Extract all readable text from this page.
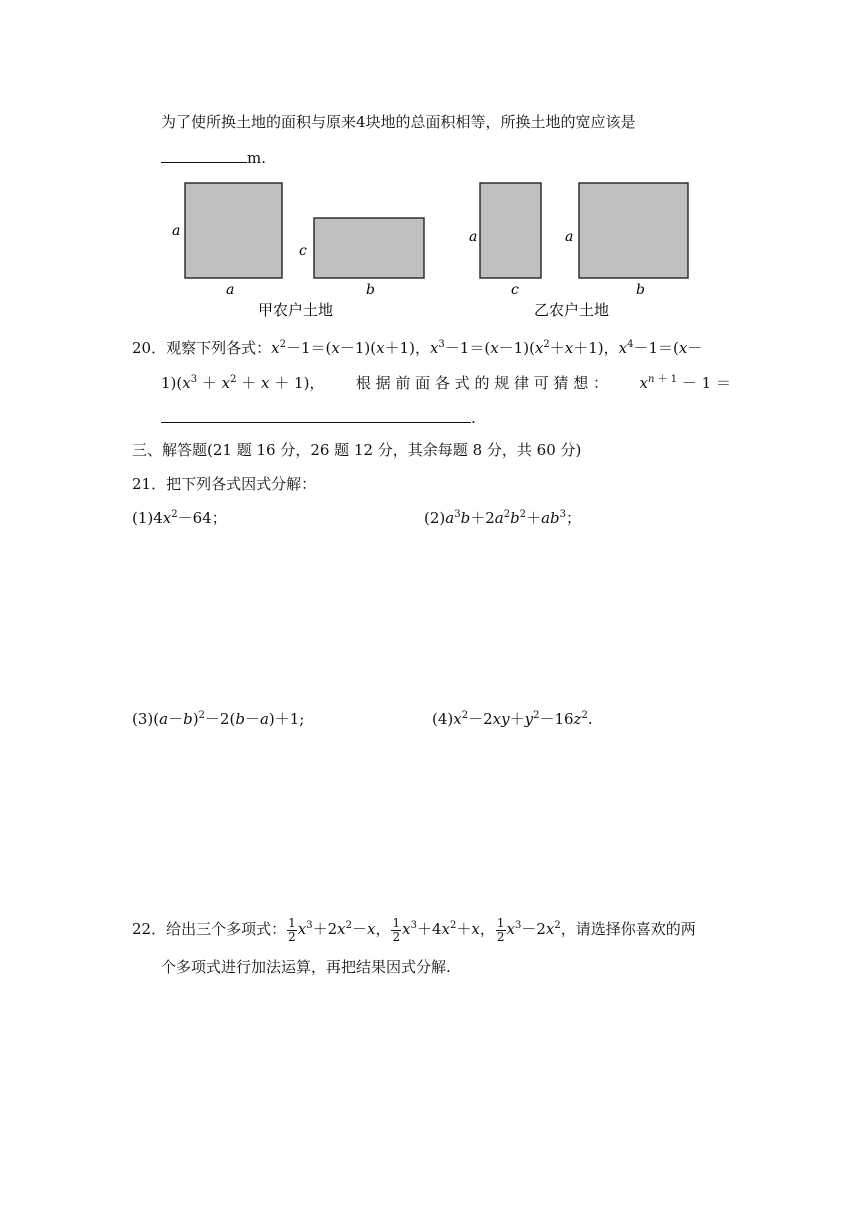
为了使所换土地的面积与原来4块地的总面积相等，所换土地的宽应该是
m.
a
a
c
b
甲农户土地
a
c
a
b
乙农户土地
20．观察下列各式：$x^2-1=(x-1)(x+1)$，$x^3-1=(x-1)(x^2+x+1)$，$x^4-1=(x-$
$1)(x^3 + x^2 + x + 1)$， 根 据 前 面 各 式 的 规 律 可 猜 想 ： $x^{n + 1} - 1$ ＝
.
三、解答题(21 题 16 分，26 题 12 分，其余每题 8 分，共 60 分)
21．把下列各式因式分解：
$(1)4x^2-64$；	$(2)a^3b+2a^2b^2+ab^3$；
$(3)(a-b)^2-2(b-a)+1$;	$(4)x^2-2xy+y^2-16z^2$.
22．给出三个多项式： $\frac{1}{2} x^3+2x^2-x$， $\frac{1}{2} x^3+4x^2+x$， $\frac{1}{2} x^3-2x^2$，请选择你喜欢的两
个多项式进行加法运算，再把结果因式分解.
